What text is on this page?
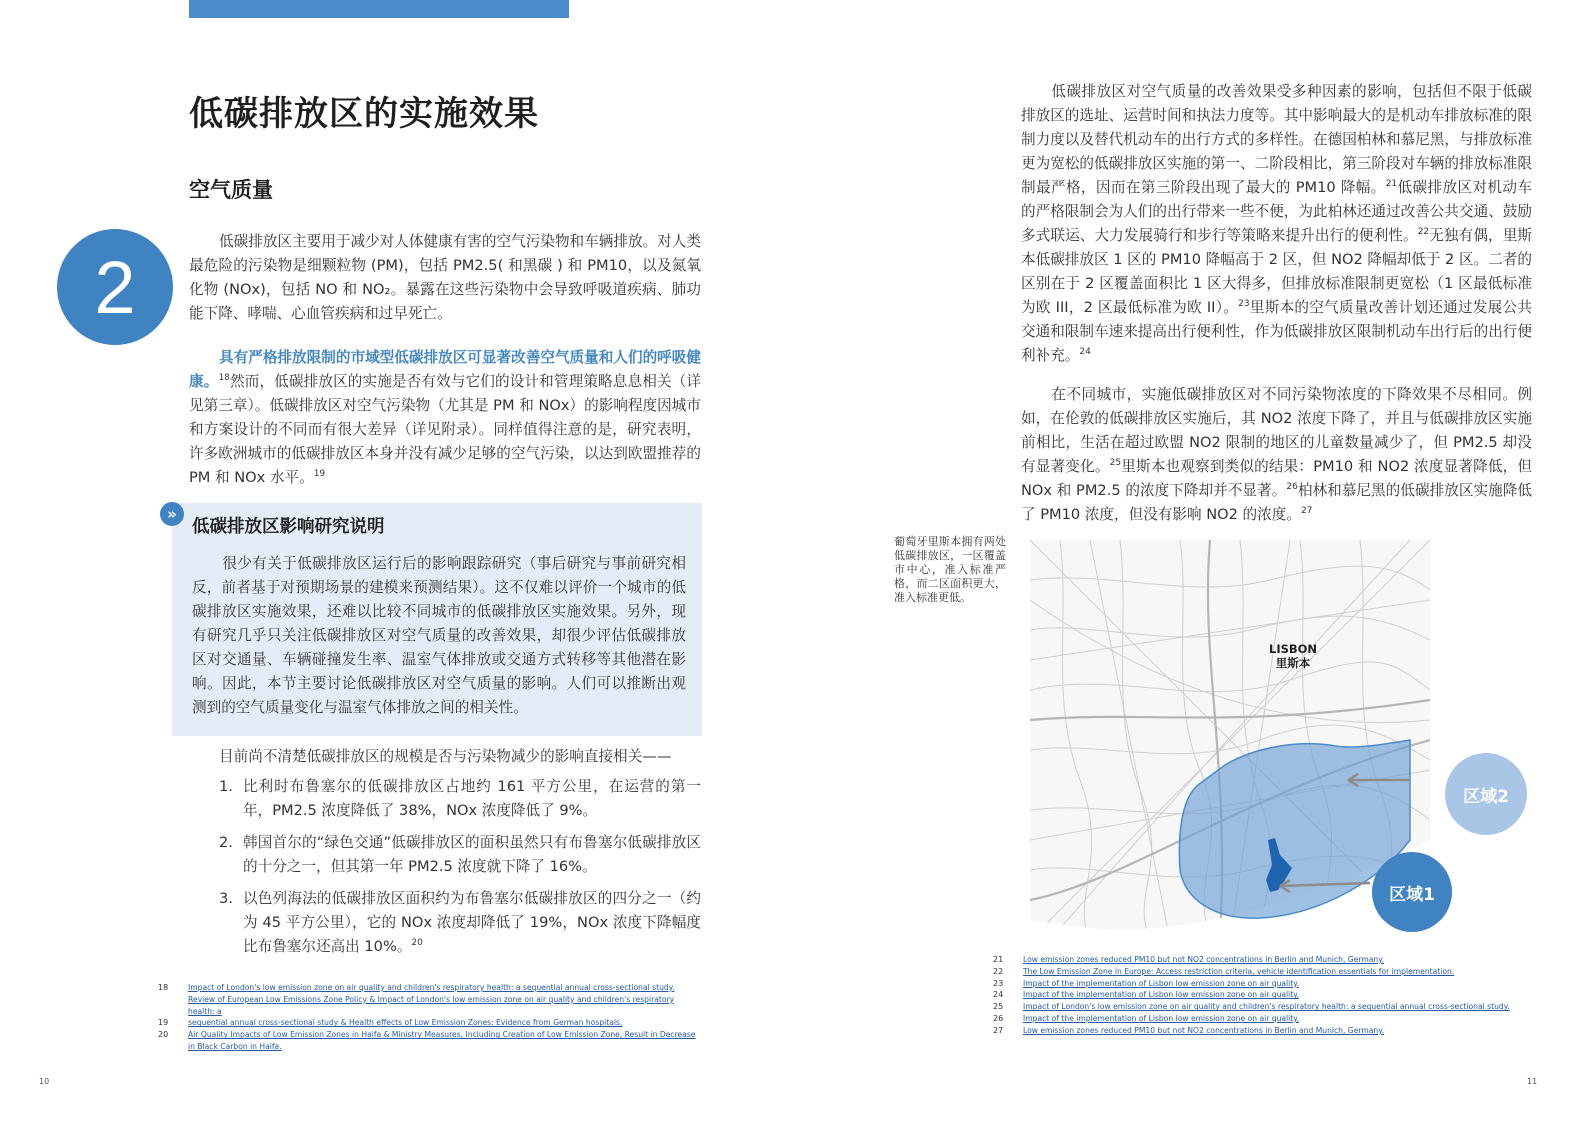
低碳排放区的实施效果
空气质量
2

低碳排放区主要用于减少对人体健康有害的空气污染物和车辆排放。对人类最危险的污染物是细颗粒物 (PM)，包括 PM2.5( 和黑碳 ) 和 PM10，以及氮氧化物 (NOx)，包括 NO 和 NO₂。暴露在这些污染物中会导致呼吸道疾病、肺功能下降、哮喘、心血管疾病和过早死亡。

具有严格排放限制的市域型低碳排放区可显著改善空气质量和人们的呼吸健康。$^{18}$然而，低碳排放区的实施是否有效与它们的设计和管理策略息息相关（详见第三章）。低碳排放区对空气污染物（尤其是 PM 和 NOx）的影响程度因城市和方案设计的不同而有很大差异（详见附录）。同样值得注意的是，研究表明，许多欧洲城市的低碳排放区本身并没有减少足够的空气污染，以达到欧盟推荐的 PM 和 NOx 水平。$^{19}$

»
低碳排放区影响研究说明

很少有关于低碳排放区运行后的影响跟踪研究（事后研究与事前研究相反，前者基于对预期场景的建模来预测结果）。这不仅难以评价一个城市的低碳排放区实施效果，还难以比较不同城市的低碳排放区实施效果。另外，现有研究几乎只关注低碳排放区对空气质量的改善效果，却很少评估低碳排放区对交通量、车辆碰撞发生率、温室气体排放或交通方式转移等其他潜在影响。因此，本节主要讨论低碳排放区对空气质量的影响。人们可以推断出观测到的空气质量变化与温室气体排放之间的相关性。

目前尚不清楚低碳排放区的规模是否与污染物减少的影响直接相关——
1. 比利时布鲁塞尔的低碳排放区占地约 161 平方公里，在运营的第一年，PM2.5 浓度降低了 38%，NOx 浓度降低了 9%。
2. 韩国首尔的“绿色交通”低碳排放区的面积虽然只有布鲁塞尔低碳排放区的十分之一，但其第一年 PM2.5 浓度就下降了 16%。
3. 以色列海法的低碳排放区面积约为布鲁塞尔低碳排放区的四分之一（约为 45 平方公里），它的 NOx 浓度却降低了 19%，NOx 浓度下降幅度比布鲁塞尔还高出 10%。$^{20}$
18	Impact of London's low emission zone on air quality and children's respiratory health: a sequential annual cross-sectional study.
Review of European Low Emissions Zone Policy & Impact of London's low emission zone on air quality and children's respiratory health: a
19	sequential annual cross-sectional study & Health effects of Low Emission Zones: Evidence from German hospitals.
20	Air Quality Impacts of Low Emission Zones in Haifa & Ministry Measures, Including Creation of Low Emission Zone, Result in Decrease in Black Carbon in Haifa.
10

低碳排放区对空气质量的改善效果受多种因素的影响，包括但不限于低碳排放区的选址、运营时间和执法力度等。其中影响最大的是机动车排放标准的限制力度以及替代机动车的出行方式的多样性。在德国柏林和慕尼黑，与排放标准更为宽松的低碳排放区实施的第一、二阶段相比，第三阶段对车辆的排放标准限制最严格，因而在第三阶段出现了最大的 PM10 降幅。$^{21}$低碳排放区对机动车的严格限制会为人们的出行带来一些不便，为此柏林还通过改善公共交通、鼓励多式联运、大力发展骑行和步行等策略来提升出行的便利性。$^{22}$无独有偶，里斯本低碳排放区 1 区的 PM10 降幅高于 2 区，但 NO2 降幅却低于 2 区。二者的区别在于 2 区覆盖面积比 1 区大得多，但排放标准限制更宽松（1 区最低标准为欧 III，2 区最低标准为欧 II）。$^{23}$里斯本的空气质量改善计划还通过发展公共交通和限制车速来提高出行便利性，作为低碳排放区限制机动车出行后的出行便利补充。$^{24}$

在不同城市，实施低碳排放区对不同污染物浓度的下降效果不尽相同。例如，在伦敦的低碳排放区实施后，其 NO2 浓度下降了，并且与低碳排放区实施前相比，生活在超过欧盟 NO2 限制的地区的儿童数量减少了，但 PM2.5 却没有显著变化。$^{25}$里斯本也观察到类似的结果：PM10 和 NO2 浓度显著降低，但 NOx 和 PM2.5 的浓度下降却并不显著。$^{26}$柏林和慕尼黑的低碳排放区实施降低了 PM10 浓度，但没有影响 NO2 的浓度。$^{27}$

葡萄牙里斯本拥有两处低碳排放区，一区覆盖市中心，准入标准严格，而二区面积更大，准入标准更低。
LISBON
里斯本
区域2
区域1
21	Low emission zones reduced PM10 but not NO2 concentrations in Berlin and Munich, Germany.
22	The Low Emission Zone in Europe: Access restriction criteria, vehicle identification essentials for implementation.
23	Impact of the implementation of Lisbon low emission zone on air quality.
24	Impact of the implementation of Lisbon low emission zone on air quality.
25	Impact of London's low emission zone on air quality and children's respiratory health: a sequential annual cross-sectional study.
26	Impact of the implementation of Lisbon low emission zone on air quality.
27	Low emission zones reduced PM10 but not NO2 concentrations in Berlin and Munich, Germany.
11
